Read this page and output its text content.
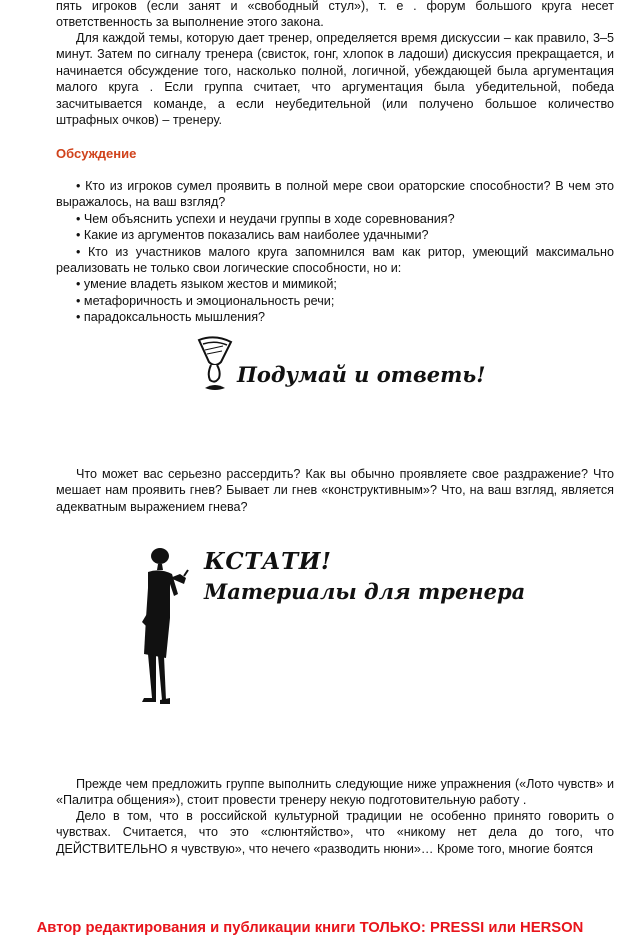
пять игроков (если занят и «свободный стул»), т. е . форум большого круга несет ответственность за выполнение этого закона.

Для каждой темы, которую дает тренер, определяется время дискуссии – как правило, 3–5 минут. Затем по сигналу тренера (свисток, гонг, хлопок в ладоши) дискуссия прекращается, и начинается обсуждение того, насколько полной, логичной, убеждающей была аргументация малого круга . Если группа считает, что аргументация была убедительной, победа засчитывается команде, а если неубедительной (или получено большое количество штрафных очков) – тренеру.

Обсуждение
• Кто из игроков сумел проявить в полной мере свои ораторские способности? В чем это выражалось, на ваш взгляд?
• Чем объяснить успехи и неудачи группы в ходе соревнования?
• Какие из аргументов показались вам наиболее удачными?
• Кто из участников малого круга запомнился вам как ритор, умеющий максимально реализовать не только свои логические способности, но и:
• умение владеть языком жестов и мимикой;
• метафоричность и эмоциональность речи;
• парадоксальность мышления?
Подумай и ответь!

Что может вас серьезно рассердить? Как вы обычно проявляете свое раздражение? Что мешает нам проявить гнев? Бывает ли гнев «конструктивным»? Что, на ваш взгляд, является адекватным выражением гнева?

КСТАТИ!
Материалы для тренера

Прежде чем предложить группе выполнить следующие ниже упражнения («Лото чувств» и «Палитра общения»), стоит провести тренеру некую подготовительную работу .

Дело в том, что в российской культурной традиции не особенно принято говорить о чувствах. Считается, что это «слюнтяйство», что «никому нет дела до того, что ДЕЙСТВИТЕЛЬНО я чувствую», что нечего «разводить нюни»… Кроме того, многие боятся

Автор редактирования и публикации книги ТОЛЬКО: PRESSI или HERSON
